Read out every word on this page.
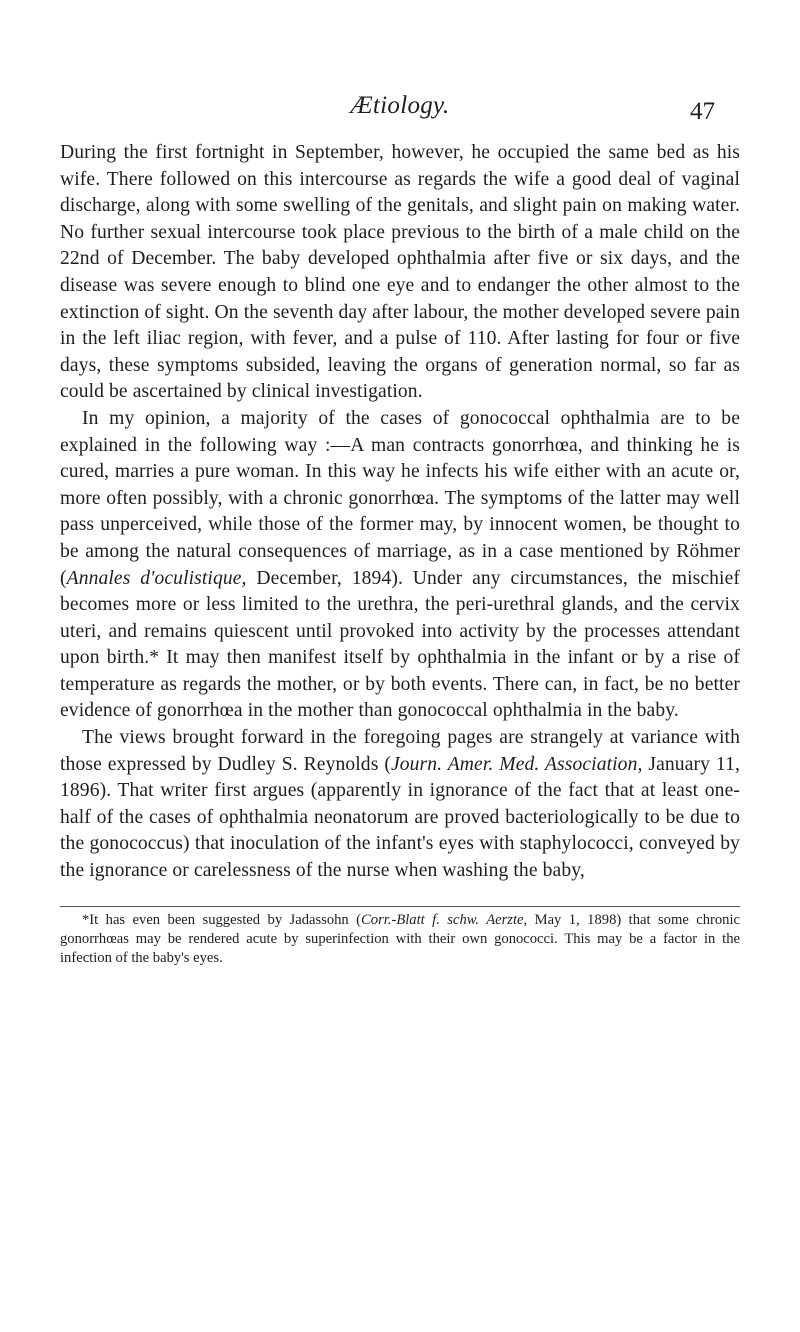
Ætiology.	47

During the first fortnight in September, however, he occupied the same bed as his wife. There followed on this intercourse as regards the wife a good deal of vaginal discharge, along with some swelling of the genitals, and slight pain on making water. No further sexual intercourse took place previous to the birth of a male child on the 22nd of December. The baby developed ophthalmia after five or six days, and the disease was severe enough to blind one eye and to endanger the other almost to the extinction of sight. On the seventh day after labour, the mother developed severe pain in the left iliac region, with fever, and a pulse of 110. After lasting for four or five days, these symptoms subsided, leaving the organs of generation normal, so far as could be ascertained by clinical investigation.

In my opinion, a majority of the cases of gonococcal ophthalmia are to be explained in the following way :—A man contracts gonorrhœa, and thinking he is cured, marries a pure woman. In this way he infects his wife either with an acute or, more often possibly, with a chronic gonorrhœa. The symptoms of the latter may well pass unperceived, while those of the former may, by innocent women, be thought to be among the natural consequences of marriage, as in a case mentioned by Röhmer (Annales d'oculistique, December, 1894). Under any circumstances, the mischief becomes more or less limited to the urethra, the peri-urethral glands, and the cervix uteri, and remains quiescent until provoked into activity by the processes attendant upon birth.* It may then manifest itself by ophthalmia in the infant or by a rise of temperature as regards the mother, or by both events. There can, in fact, be no better evidence of gonorrhœa in the mother than gonococcal ophthalmia in the baby.

The views brought forward in the foregoing pages are strangely at variance with those expressed by Dudley S. Reynolds (Journ. Amer. Med. Association, January 11, 1896). That writer first argues (apparently in ignorance of the fact that at least one-half of the cases of ophthalmia neonatorum are proved bacteriologically to be due to the gonococcus) that inoculation of the infant's eyes with staphylococci, conveyed by the ignorance or carelessness of the nurse when washing the baby,

*It has even been suggested by Jadassohn (Corr.-Blatt f. schw. Aerzte, May 1, 1898) that some chronic gonorrhœas may be rendered acute by superinfection with their own gonococci. This may be a factor in the infection of the baby's eyes.
